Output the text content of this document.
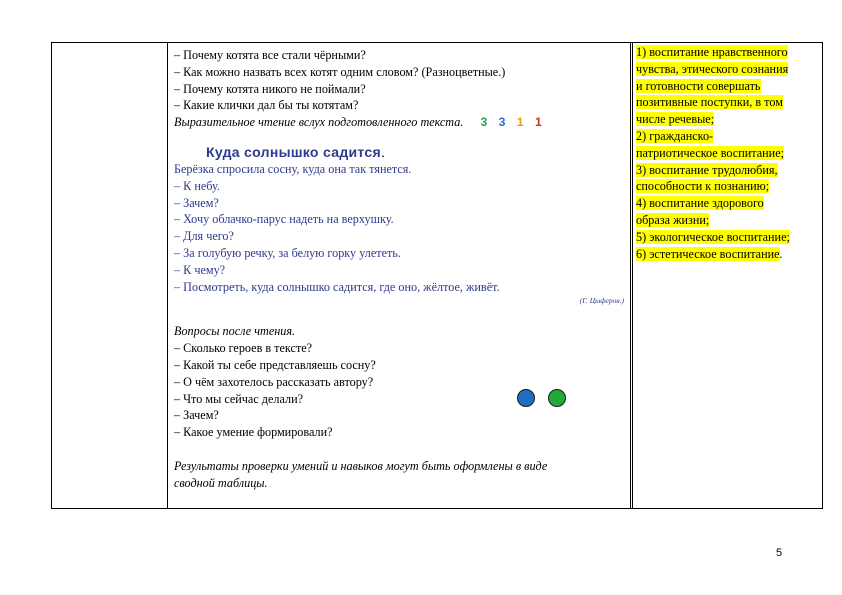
– Почему котята все стали чёрными?
– Как можно назвать всех котят одним словом? (Разноцветные.)
– Почему котята никого не поймали?
– Какие клички дал бы ты котятам?
Выразительное чтение вслух подготовленного текста. 3 3 1 1
Куда солнышко садится.
Берёзка спросила сосну, куда она так тянется.
– К небу.
– Зачем?
– Хочу облачко-парус надеть на верхушку.
– Для чего?
– За голубую речку, за белую горку улететь.
– К чему?
– Посмотреть, куда солнышко садится, где оно, жёлтое, живёт.
(Г. Цыферов.)
Вопросы после чтения.
– Сколько героев в тексте?
– Какой ты себе представляешь сосну?
– О чём захотелось рассказать автору?
– Что мы сейчас делали?
– Зачем?
– Какое умение формировали?
Результаты проверки умений и навыков могут быть оформлены в виде
сводной таблицы.
1) воспитание нравственного
чувства, этического сознания
и готовности совершать
позитивные поступки, в том
числе речевые;
2) гражданско-
патриотическое воспитание;
3) воспитание трудолюбия,
способности к познанию;
4) воспитание здорового
образа жизни;
5) экологическое воспитание;
6) эстетическое воспитание.
5
